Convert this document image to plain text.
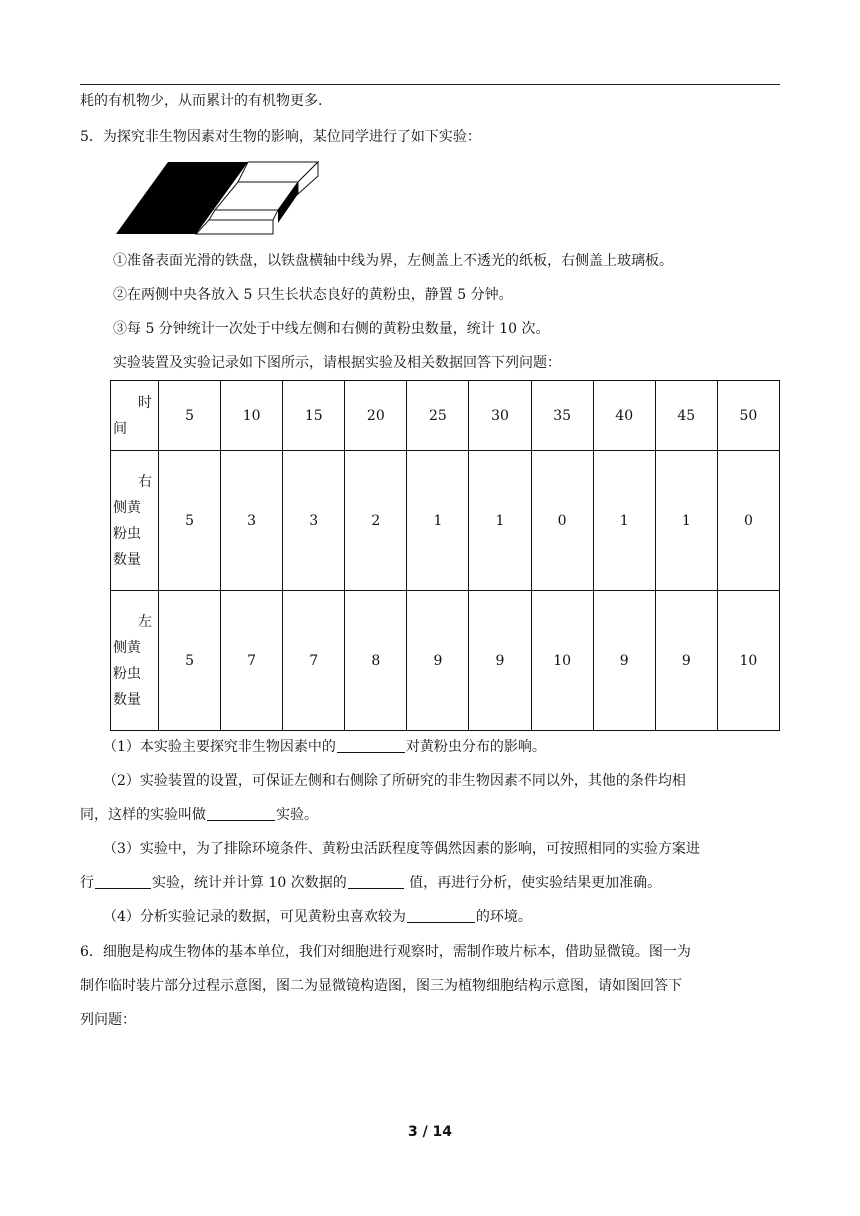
耗的有机物少，从而累计的有机物更多.
5．为探究非生物因素对生物的影响，某位同学进行了如下实验：
①准备表面光滑的铁盘，以铁盘横轴中线为界，左侧盖上不透光的纸板，右侧盖上玻璃板。
②在两侧中央各放入 5 只生长状态良好的黄粉虫，静置 5 分钟。
③每 5 分钟统计一次处于中线左侧和右侧的黄粉虫数量，统计 10 次。
实验装置及实验记录如下图所示，请根据实验及相关数据回答下列问题：
时
间	5	10	15	20	25	30	35	40	45	50

右
侧黄
粉虫
数量	5	3	3	2	1	1	0	1	1	0

左
侧黄
粉虫
数量	5	7	7	8	9	9	10	9	9	10
（1）本实验主要探究非生物因素中的	对黄粉虫分布的影响。
（2）实验装置的设置，可保证左侧和右侧除了所研究的非生物因素不同以外，其他的条件均相
同，这样的实验叫做	实验。
（3）实验中，为了排除环境条件、黄粉虫活跃程度等偶然因素的影响，可按照相同的实验方案进
行	实验，统计并计算 10 次数据的	值，再进行分析，使实验结果更加准确。
（4）分析实验记录的数据，可见黄粉虫喜欢较为	的环境。
6．细胞是构成生物体的基本单位，我们对细胞进行观察时，需制作玻片标本，借助显微镜。图一为
制作临时装片部分过程示意图，图二为显微镜构造图，图三为植物细胞结构示意图，请如图回答下
列问题：
3 / 14
